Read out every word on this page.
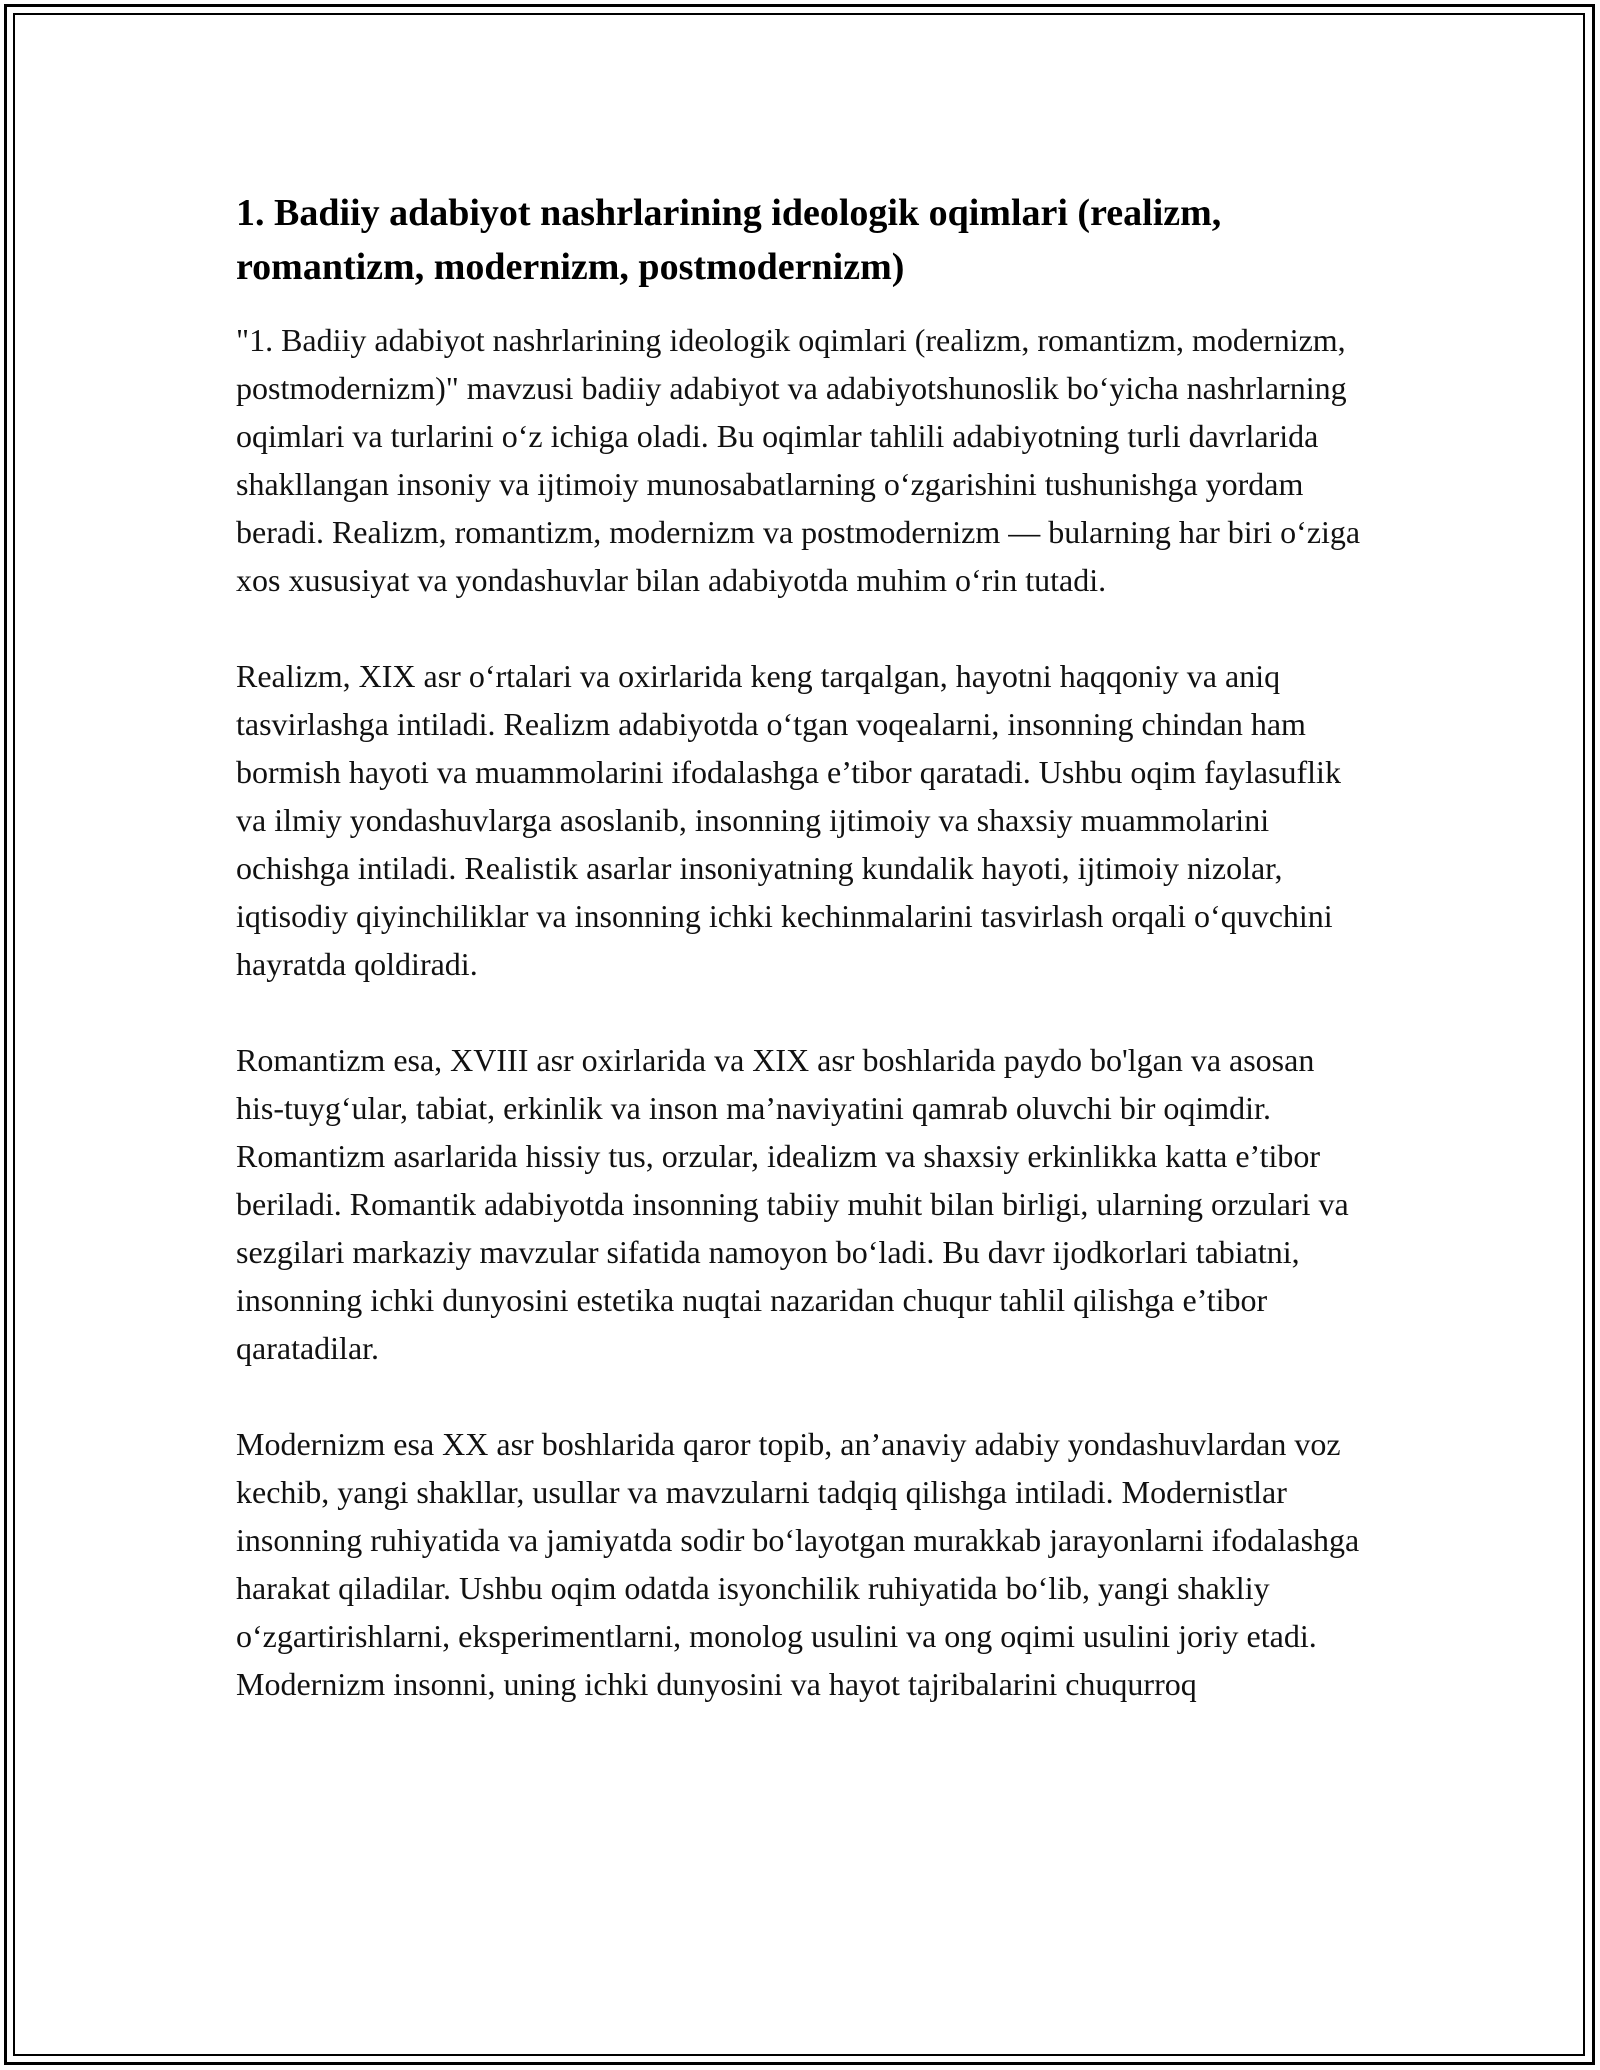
1. Badiiy adabiyot nashrlarining ideologik oqimlari (realizm, romantizm, modernizm, postmodernizm)

"1. Badiiy adabiyot nashrlarining ideologik oqimlari (realizm, romantizm, modernizm, postmodernizm)" mavzusi badiiy adabiyot va adabiyotshunoslik bo‘yicha nashrlarning oqimlari va turlarini o‘z ichiga oladi. Bu oqimlar tahlili adabiyotning turli davrlarida shakllangan insoniy va ijtimoiy munosabatlarning o‘zgarishini tushunishga yordam beradi. Realizm, romantizm, modernizm va postmodernizm — bularning har biri o‘ziga xos xususiyat va yondashuvlar bilan adabiyotda muhim o‘rin tutadi.

Realizm, XIX asr o‘rtalari va oxirlarida keng tarqalgan, hayotni haqqoniy va aniq tasvirlashga intiladi. Realizm adabiyotda o‘tgan voqealarni, insonning chindan ham bormish hayoti va muammolarini ifodalashga e’tibor qaratadi. Ushbu oqim faylasuflik va ilmiy yondashuvlarga asoslanib, insonning ijtimoiy va shaxsiy muammolarini ochishga intiladi. Realistik asarlar insoniyatning kundalik hayoti, ijtimoiy nizolar, iqtisodiy qiyinchiliklar va insonning ichki kechinmalarini tasvirlash orqali o‘quvchini hayratda qoldiradi.

Romantizm esa, XVIII asr oxirlarida va XIX asr boshlarida paydo bo'lgan va asosan his-tuyg‘ular, tabiat, erkinlik va inson ma’naviyatini qamrab oluvchi bir oqimdir. Romantizm asarlarida hissiy tus, orzular, idealizm va shaxsiy erkinlikka katta e’tibor beriladi. Romantik adabiyotda insonning tabiiy muhit bilan birligi, ularning orzulari va sezgilari markaziy mavzular sifatida namoyon bo‘ladi. Bu davr ijodkorlari tabiatni, insonning ichki dunyosini estetika nuqtai nazaridan chuqur tahlil qilishga e’tibor qaratadilar.

Modernizm esa XX asr boshlarida qaror topib, an’anaviy adabiy yondashuvlardan voz kechib, yangi shakllar, usullar va mavzularni tadqiq qilishga intiladi. Modernistlar insonning ruhiyatida va jamiyatda sodir bo‘layotgan murakkab jarayonlarni ifodalashga harakat qiladilar. Ushbu oqim odatda isyonchilik ruhiyatida bo‘lib, yangi shakliy o‘zgartirishlarni, eksperimentlarni, monolog usulini va ong oqimi usulini joriy etadi. Modernizm insonni, uning ichki dunyosini va hayot tajribalarini chuqurroq
